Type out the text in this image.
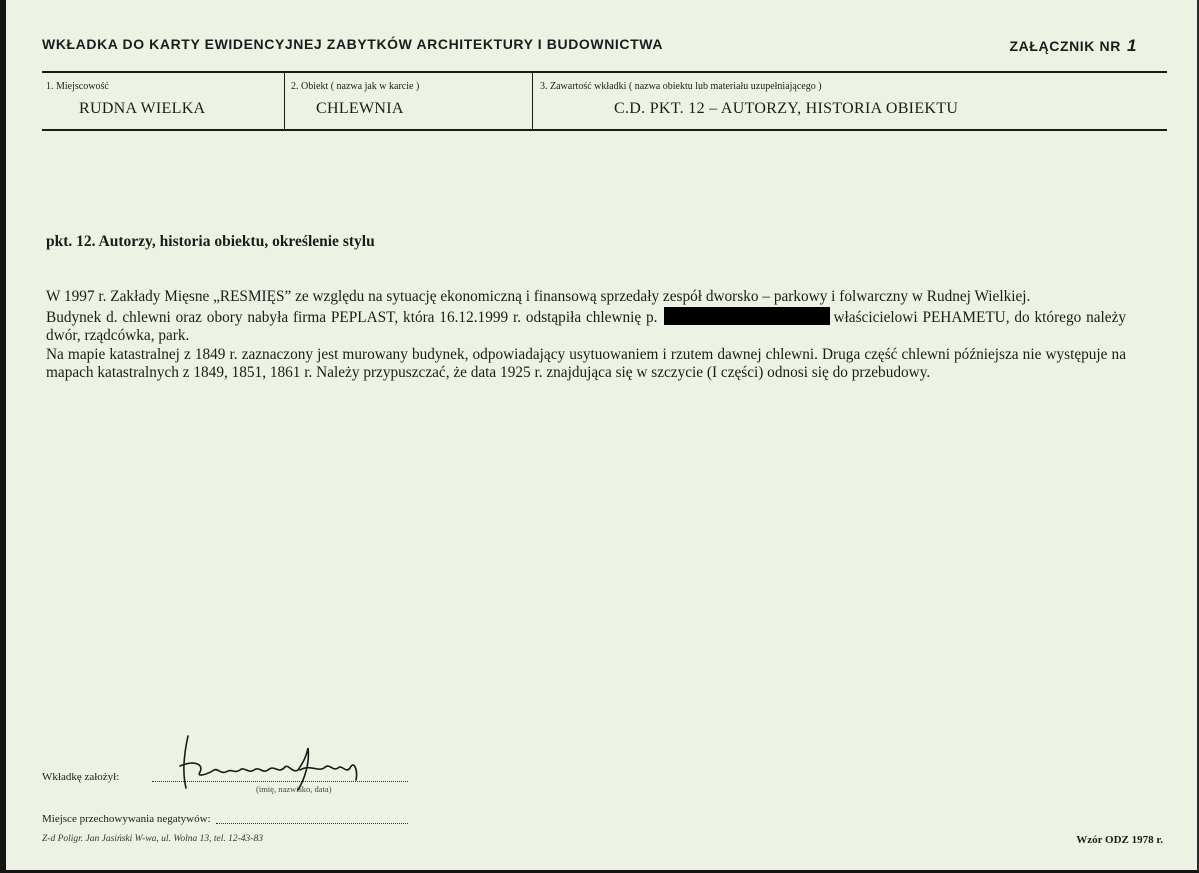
WKŁADKA DO KARTY EWIDENCYJNEJ ZABYTKÓW ARCHITEKTURY I BUDOWNICTWA	ZAŁĄCZNIK NR 1
1. Miejscowość	2. Obiekt ( nazwa jak w karcie )	3. Zawartość wkładki ( nazwa obiektu lub materiału uzupełniającego )
RUDNA WIELKA	CHLEWNIA	C.D. PKT. 12 – AUTORZY, HISTORIA OBIEKTU
pkt. 12. Autorzy, historia obiektu, określenie stylu

W 1997 r. Zakłady Mięsne „RESMIĘS” ze względu na sytuację ekonomiczną i finansową sprzedały zespół dworsko – parkowy i folwarczny w Rudnej Wielkiej.

Budynek d. chlewni oraz obory nabyła firma PEPLAST, która 16.12.1999 r. odstąpiła chlewnię p.	właścicielowi PEHAMETU, do którego należy dwór, rządcówka, park.

Na mapie katastralnej z 1849 r. zaznaczony jest murowany budynek, odpowiadający usytuowaniem i rzutem dawnej chlewni. Druga część chlewni późniejsza nie występuje na mapach katastralnych z 1849, 1851, 1861 r. Należy przypuszczać, że data 1925 r. znajdująca się w szczycie (I części) odnosi się do przebudowy.

Wkładkę założył:
(imię, nazwisko, data)
Miejsce przechowywania negatywów:
Z-d Poligr. Jan Jasiński W-wa, ul. Wolna 13, tel. 12-43-83	Wzór ODZ 1978 r.
